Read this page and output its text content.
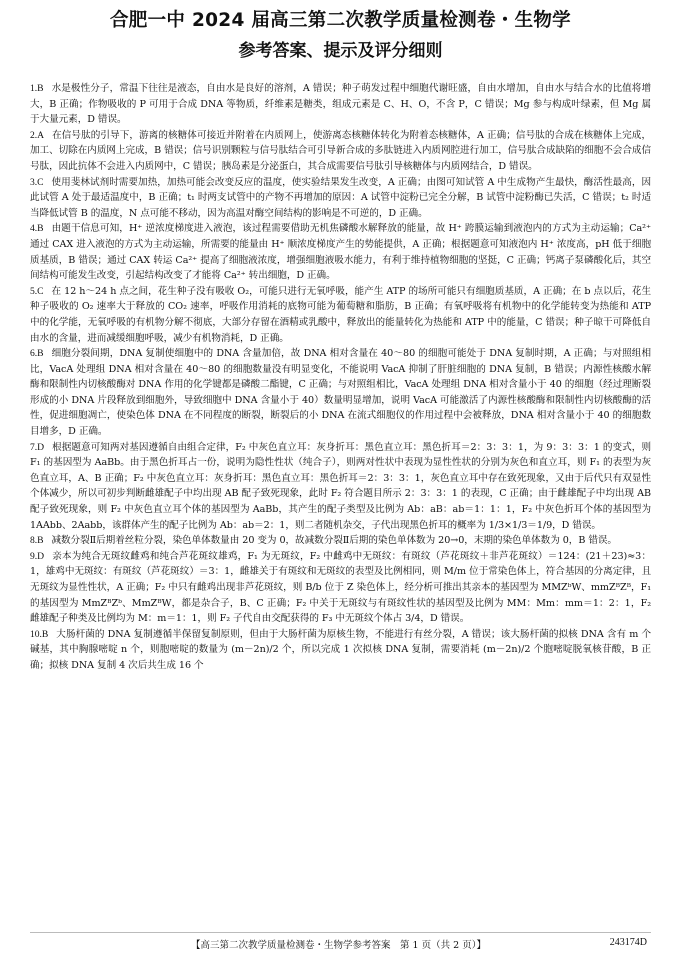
合肥一中 2024 届高三第二次教学质量检测卷・生物学
参考答案、提示及评分细则

1.B 水是极性分子，常温下往往是液态，自由水是良好的溶剂，A 错误；种子萌发过程中细胞代谢旺盛，自由水增加，自由水与结合水的比值将增大，B 正确；作物吸收的 P 可用于合成 DNA 等物质，纤维素是糖类，组成元素是 C、H、O，不含 P，C 错误；Mg 参与构成叶绿素，但 Mg 属于大量元素，D 错误。

2.A 在信号肽的引导下，游离的核糖体可接近并附着在内质网上，使游离态核糖体转化为附着态核糖体，A 正确；信号肽的合成在核糖体上完成，加工、切除在内质网上完成，B 错误；信号识别颗粒与信号肽结合可引导新合成的多肽链进入内质网腔进行加工，信号肽合成缺陷的细胞不会合成信号肽，因此抗体不会进入内质网中，C 错误；胰岛素是分泌蛋白，其合成需要信号肽引导核糖体与内质网结合，D 错误。

3.C 使用斐林试剂时需要加热，加热可能会改变反应的温度，使实验结果发生改变，A 正确；由图可知试管 A 中生成物产生最快，酶活性最高，因此试管 A 处于最适温度中，B 正确；t₁ 时两支试管中的产物不再增加的原因：A 试管中淀粉已完全分解，B 试管中淀粉酶已失活，C 错误；t₂ 时适当降低试管 B 的温度，N 点可能不移动，因为高温对酶空间结构的影响是不可逆的，D 正确。

4.B 由题干信息可知，H⁺ 逆浓度梯度进入液泡，该过程需要借助无机焦磷酸水解释放的能量，故 H⁺ 跨膜运输到液泡内的方式为主动运输；Ca²⁺ 通过 CAX 进入液泡的方式为主动运输，所需要的能量由 H⁺ 顺浓度梯度产生的势能提供，A 正确；根据题意可知液泡内 H⁺ 浓度高，pH 低于细胞质基质，B 错误；通过 CAX 转运 Ca²⁺ 提高了细胞液浓度，增强细胞液吸水能力，有利于维持植物细胞的坚挺，C 正确；钙离子泵磷酸化后，其空间结构可能发生改变，引起结构改变了才能将 Ca²⁺ 转出细胞，D 正确。

5.C 在 12 h～24 h 点之间，花生种子没有吸收 O₂，可能只进行无氧呼吸，能产生 ATP 的场所可能只有细胞质基质，A 正确；在 b 点以后，花生种子吸收的 O₂ 速率大于释放的 CO₂ 速率，呼吸作用消耗的底物可能为葡萄糖和脂肪，B 正确；有氧呼吸将有机物中的化学能转变为热能和 ATP 中的化学能，无氧呼吸的有机物分解不彻底，大部分存留在酒精或乳酸中，释放出的能量转化为热能和 ATP 中的能量，C 错误；种子晾干可降低自由水的含量，进而减缓细胞呼吸，减少有机物消耗，D 正确。

6.B 细胞分裂间期，DNA 复制使细胞中的 DNA 含量加倍，故 DNA 相对含量在 40～80 的细胞可能处于 DNA 复制时期，A 正确；与对照组相比，VacA 处理组 DNA 相对含量在 40～80 的细胞数量没有明显变化，不能说明 VacA 抑制了肝脏细胞的 DNA 复制，B 错误；内源性核酸水解酶和限制性内切核酸酶对 DNA 作用的化学键都是磷酸二酯键，C 正确；与对照组相比，VacA 处理组 DNA 相对含量小于 40 的细胞（经过理断裂形成的小 DNA 片段释放到细胞外，导致细胞中 DNA 含量小于 40）数量明显增加，说明 VacA 可能激活了内源性核酸酶和限制性内切核酸酶的活性，促进细胞凋亡，使染色体 DNA 在不同程度的断裂，断裂后的小 DNA 在流式细胞仪的作用过程中会被释放，DNA 相对含量小于 40 的细胞数目增多，D 正确。

7.D 根据题意可知两对基因遵循自由组合定律，F₂ 中灰色直立耳：灰身折耳：黑色直立耳：黑色折耳＝2：3：3：1，为 9：3：3：1 的变式，则 F₁ 的基因型为 AaBb。由于黑色折耳占一份，说明为隐性性状（纯合子），则两对性状中表现为显性性状的分别为灰色和直立耳，则 F₁ 的表型为灰色直立耳，A、B 正确；F₂ 中灰色直立耳：灰身折耳：黑色直立耳：黑色折耳＝2：3：3：1，灰色直立耳中存在致死现象，又由于后代只有双显性个体减少，所以可初步判断雌雄配子中均出现 AB 配子致死现象，此时 F₂ 符合题目所示 2：3：3：1 的表现，C 正确；由于雌雄配子中均出现 AB 配子致死现象，则 F₂ 中灰色直立耳个体的基因型为 AaBb，其产生的配子类型及比例为 Ab：aB：ab＝1：1：1，F₂ 中灰色折耳个体的基因型为 1AAbb、2Aabb，该群体产生的配子比例为 Ab：ab＝2：1，则二者随机杂交，子代出现黑色折耳的概率为 1/3×1/3＝1/9，D 错误。

8.B 减数分裂Ⅱ后期着丝粒分裂，染色单体数量由 20 变为 0，故减数分裂Ⅱ后期的染色单体数为 20→0，末期的染色单体数为 0，B 错误。

9.D 亲本为纯合无斑纹雌鸡和纯合芦花斑纹雄鸡，F₁ 为无斑纹，F₂ 中雌鸡中无斑纹：有斑纹（芦花斑纹＋非芦花斑纹）＝124：(21＋23)≈3：1，雄鸡中无斑纹：有斑纹（芦花斑纹）＝3：1，雌雄关于有斑纹和无斑纹的表型及比例相同，则 M/m 位于常染色体上，符合基因的分离定律，且无斑纹为显性性状，A 正确；F₂ 中只有雌鸡出现非芦花斑纹，则 B/b 位于 Z 染色体上，经分析可推出其亲本的基因型为 MMZᵇW、mmZᴮZᴮ，F₁ 的基因型为 MmZᴮZᵇ、MmZᴮW，都是杂合子，B、C 正确；F₂ 中关于无斑纹与有斑纹性状的基因型及比例为 MM：Mm：mm＝1：2：1，F₂ 雌雄配子种类及比例均为 M：m＝1：1，则 F₂ 子代自由交配获得的 F₃ 中无斑纹个体占 3/4，D 错误。

10.B 大肠杆菌的 DNA 复制遵循半保留复制原则，但由于大肠杆菌为原核生物，不能进行有丝分裂，A 错误；该大肠杆菌的拟核 DNA 含有 m 个碱基，其中胸腺嘧啶 n 个，则胞嘧啶的数量为 (m－2n)/2 个，所以完成 1 次拟核 DNA 复制，需要消耗 (m－2n)/2 个胞嘧啶脱氧核苷酸，B 正确；拟核 DNA 复制 4 次后共生成 16 个

【高三第二次教学质量检测卷・生物学参考答案　第 1 页（共 2 页）】	243174D
